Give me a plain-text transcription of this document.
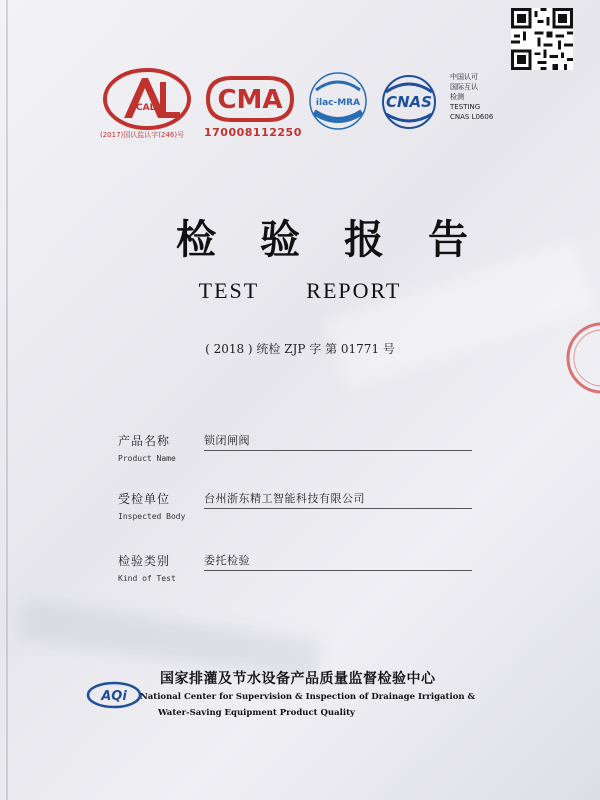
CAL
(2017)国认监认字(246)号
CMA
170008112250
ilac-MRA CNAS
中国认可
国际互认
检测
TESTING
CNAS L0606
检验报告
TEST REPORT
( 2018 ) 统检 ZJP 字 第 01771 号
产品名称
Product Name
锁闭闸阀
受检单位
Inspected Body
台州浙东精工智能科技有限公司
检验类别
Kind of Test
委托检验
AQi
国家排灌及节水设备产品质量监督检验中心
National Center for Supervision & Inspection of Drainage Irrigation &
Water-Saving Equipment Product Quality
